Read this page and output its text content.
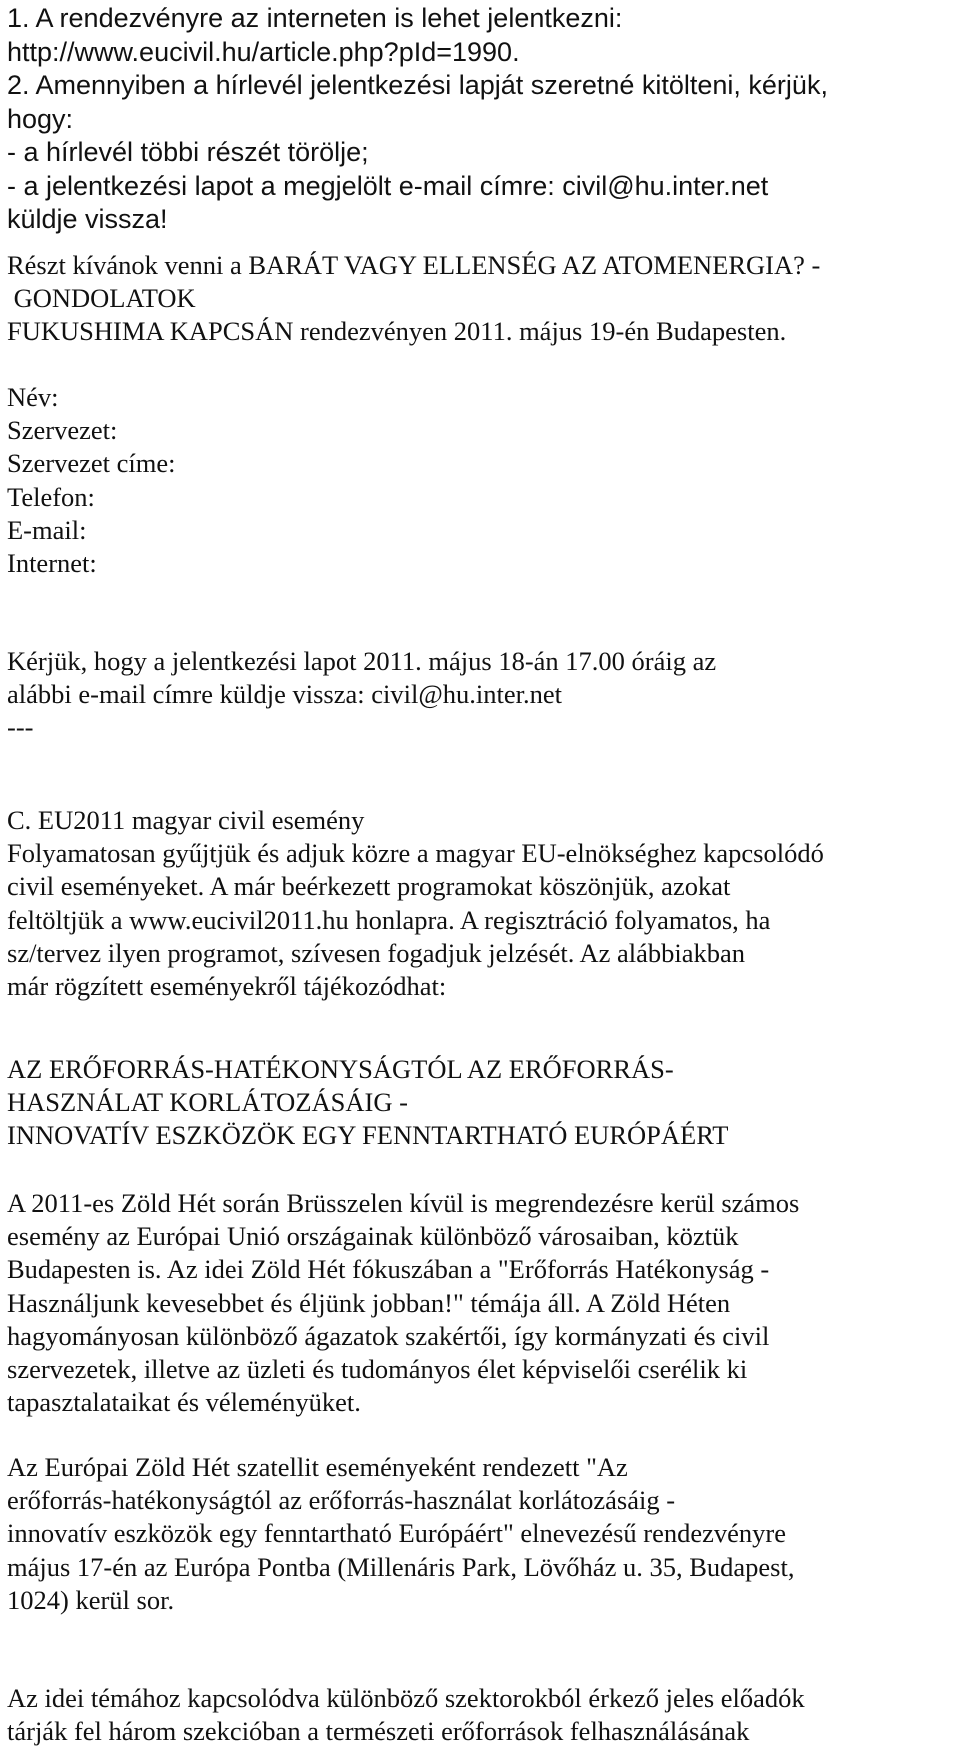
1. A rendezvényre az interneten is lehet jelentkezni:
http://www.eucivil.hu/article.php?pId=1990.
2. Amennyiben a hírlevél jelentkezési lapját szeretné kitölteni, kérjük,
hogy:
- a hírlevél többi részét törölje;
- a jelentkezési lapot a megjelölt e-mail címre: civil@hu.inter.net
küldje vissza!
Részt kívánok venni a BARÁT VAGY ELLENSÉG AZ ATOMENERGIA? -
GONDOLATOK
FUKUSHIMA KAPCSÁN rendezvényen 2011. május 19-én Budapesten.
Név:
Szervezet:
Szervezet címe:
Telefon:
E-mail:
Internet:
Kérjük, hogy a jelentkezési lapot 2011. május 18-án 17.00 óráig az
alábbi e-mail címre küldje vissza: civil@hu.inter.net
---
C. EU2011 magyar civil esemény
Folyamatosan gyűjtjük és adjuk közre a magyar EU-elnökséghez kapcsolódó
civil eseményeket. A már beérkezett programokat köszönjük, azokat
feltöltjük a www.eucivil2011.hu honlapra. A regisztráció folyamatos, ha
sz/tervez ilyen programot, szívesen fogadjuk jelzését. Az alábbiakban
már rögzített eseményekről tájékozódhat:
AZ ERŐFORRÁS-HATÉKONYSÁGTÓL AZ ERŐFORRÁS-
HASZNÁLAT KORLÁTOZÁSÁIG -
INNOVATÍV ESZKÖZÖK EGY FENNTARTHATÓ EURÓPÁÉRT
A 2011-es Zöld Hét során Brüsszelen kívül is megrendezésre kerül számos
esemény az Európai Unió országainak különböző városaiban, köztük
Budapesten is. Az idei Zöld Hét fókuszában a "Erőforrás Hatékonyság -
Használjunk kevesebbet és éljünk jobban!" témája áll. A Zöld Héten
hagyományosan különböző ágazatok szakértői, így kormányzati és civil
szervezetek, illetve az üzleti és tudományos élet képviselői cserélik ki
tapasztalataikat és véleményüket.
Az Európai Zöld Hét szatellit eseményeként rendezett "Az
erőforrás-hatékonyságtól az erőforrás-használat korlátozásáig -
innovatív eszközök egy fenntartható Európáért" elnevezésű rendezvényre
május 17-én az Európa Pontba (Millenáris Park, Lövőház u. 35, Budapest,
1024) kerül sor.
Az idei témához kapcsolódva különböző szektorokból érkező jeles előadók
tárják fel három szekcióban a természeti erőforrások felhasználásának
